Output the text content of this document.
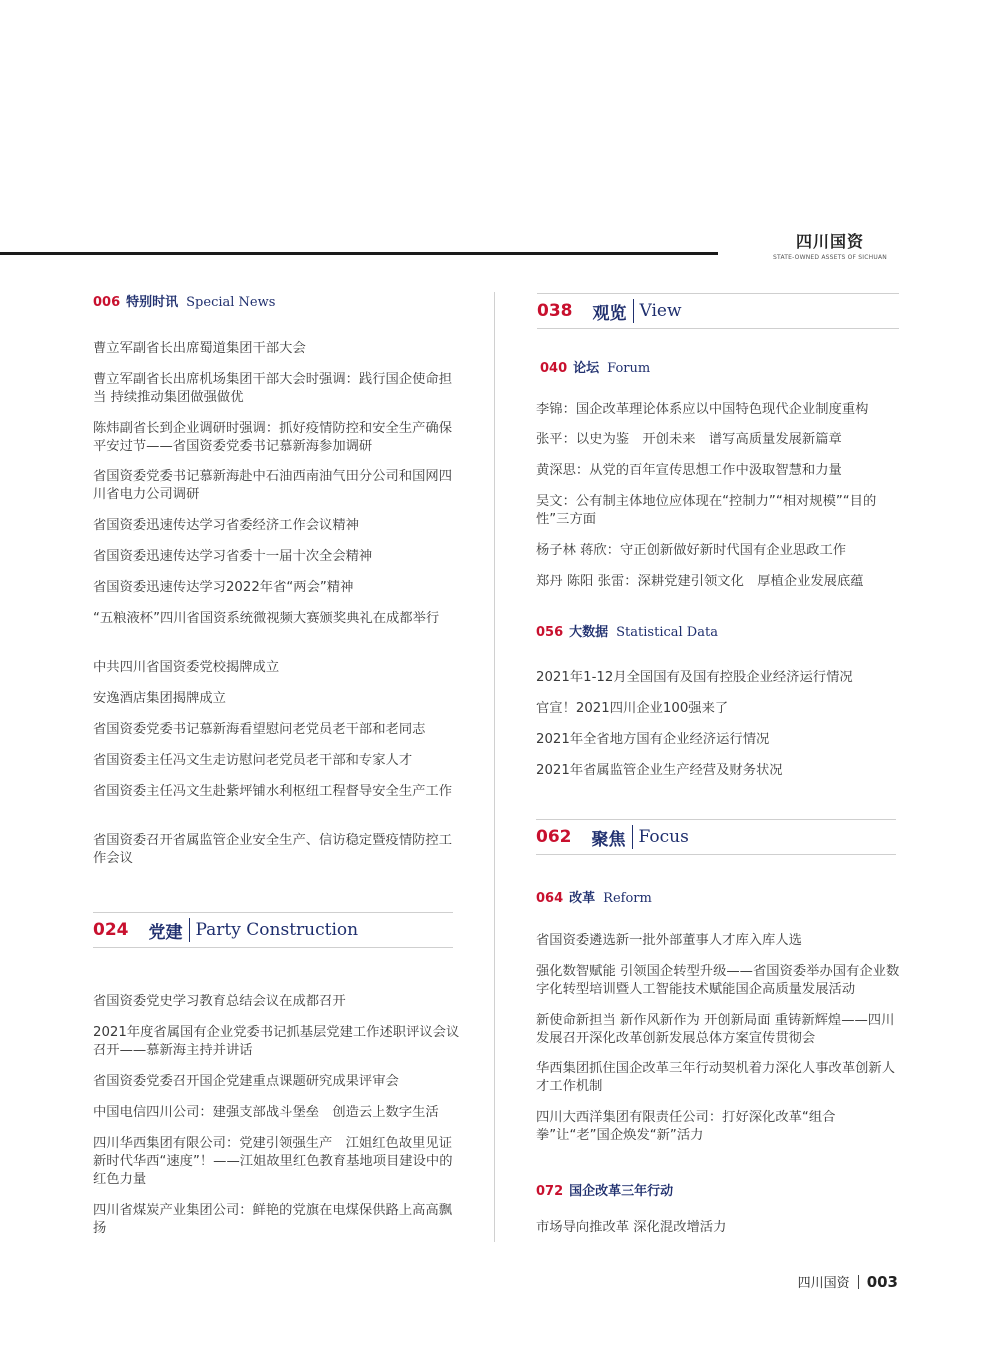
四川国资
STATE-OWNED ASSETS OF SICHUAN
006 特别时讯 Special News
曹立军副省长出席蜀道集团干部大会
曹立军副省长出席机场集团干部大会时强调：践行国企使命担当 持续推动集团做强做优
陈炜副省长到企业调研时强调：抓好疫情防控和安全生产确保平安过节——省国资委党委书记慕新海参加调研
省国资委党委书记慕新海赴中石油西南油气田分公司和国网四川省电力公司调研
省国资委迅速传达学习省委经济工作会议精神
省国资委迅速传达学习省委十一届十次全会精神
省国资委迅速传达学习2022年省“两会”精神
“五粮液杯”四川省国资系统微视频大赛颁奖典礼在成都举行
中共四川省国资委党校揭牌成立
安逸酒店集团揭牌成立
省国资委党委书记慕新海看望慰问老党员老干部和老同志
省国资委主任冯文生走访慰问老党员老干部和专家人才
省国资委主任冯文生赴紫坪铺水利枢纽工程督导安全生产工作
省国资委召开省属监管企业安全生产、信访稳定暨疫情防控工作会议
024 党建 Party Construction
省国资委党史学习教育总结会议在成都召开
2021年度省属国有企业党委书记抓基层党建工作述职评议会议召开——慕新海主持并讲话
省国资委党委召开国企党建重点课题研究成果评审会
中国电信四川公司：建强支部战斗堡垒　创造云上数字生活
四川华西集团有限公司：党建引领强生产　江姐红色故里见证新时代华西“速度”！——江姐故里红色教育基地项目建设中的红色力量
四川省煤炭产业集团公司：鲜艳的党旗在电煤保供路上高高飘扬
038 观览 View
040 论坛 Forum
李锦：国企改革理论体系应以中国特色现代企业制度重构
张平：以史为鉴　开创未来　谱写高质量发展新篇章
黄深思：从党的百年宣传思想工作中汲取智慧和力量
吴文：公有制主体地位应体现在“控制力”“相对规模”“目的性”三方面
杨子林 蒋欣：守正创新做好新时代国有企业思政工作
郑丹 陈阳 张雷：深耕党建引领文化　厚植企业发展底蕴
056 大数据 Statistical Data
2021年1-12月全国国有及国有控股企业经济运行情况
官宣！2021四川企业100强来了
2021年全省地方国有企业经济运行情况
2021年省属监管企业生产经营及财务状况
062 聚焦 Focus
064 改革 Reform
省国资委遴选新一批外部董事人才库入库人选
强化数智赋能 引领国企转型升级——省国资委举办国有企业数字化转型培训暨人工智能技术赋能国企高质量发展活动
新使命新担当 新作风新作为 开创新局面 重铸新辉煌——四川发展召开深化改革创新发展总体方案宣传贯彻会
华西集团抓住国企改革三年行动契机着力深化人事改革创新人才工作机制
四川大西洋集团有限责任公司：打好深化改革“组合拳”让“老”国企焕发“新”活力
072 国企改革三年行动
市场导向推改革 深化混改增活力
四川国资 003
